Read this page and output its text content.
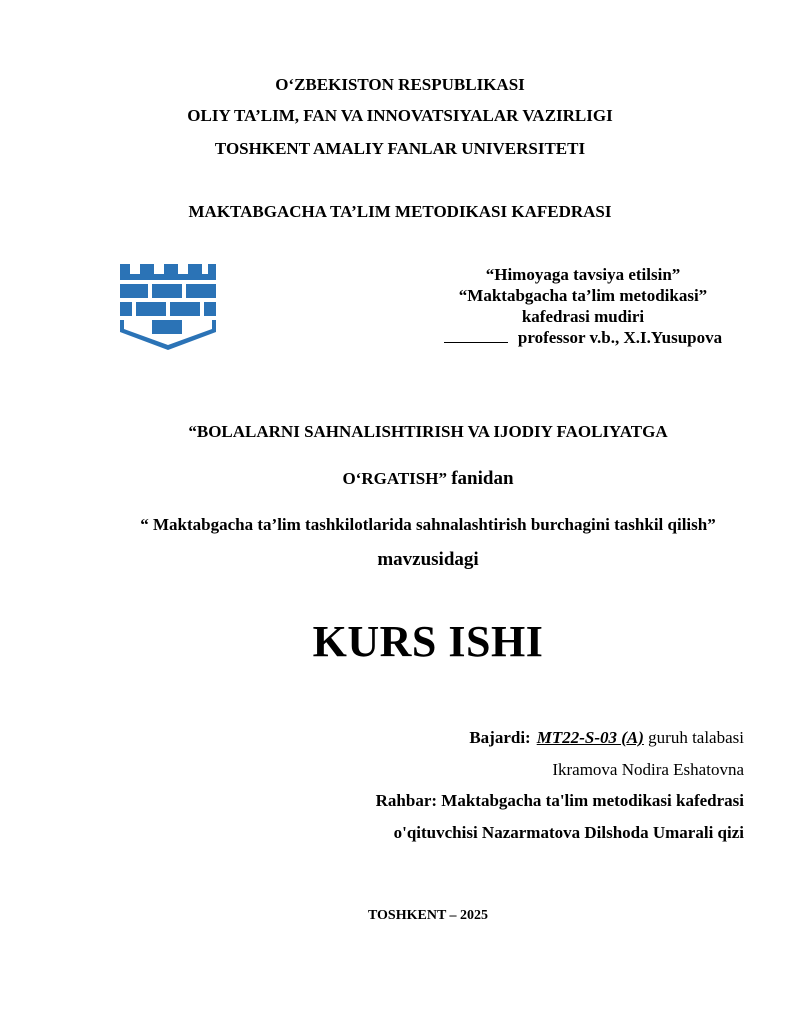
O‘ZBEKISTON RESPUBLIKASI
OLIY TA’LIM, FAN VA INNOVATSIYALAR VAZIRLIGI
TOSHKENT AMALIY FANLAR UNIVERSITETI
MAKTABGACHA TA’LIM METODIKASI KAFEDRASI
“Himoyaga tavsiya etilsin”
“Maktabgacha ta’lim metodikasi”
kafedrasi mudiri
professor v.b., X.I.Yusupova
“BOLALARNI SAHNALISHTIRISH VA IJODIY FAOLIYATGA
O‘RGATISH” fanidan
“ Maktabgacha ta’lim tashkilotlarida sahnalashtirish burchagini tashkil qilish”
mavzusidagi
KURS ISHI
Bajardi: MT22-S-03 (A) guruh talabasi
Ikramova Nodira Eshatovna
Rahbar: Maktabgacha ta'lim metodikasi kafedrasi
o'qituvchisi Nazarmatova Dilshoda Umarali qizi
TOSHKENT – 2025
